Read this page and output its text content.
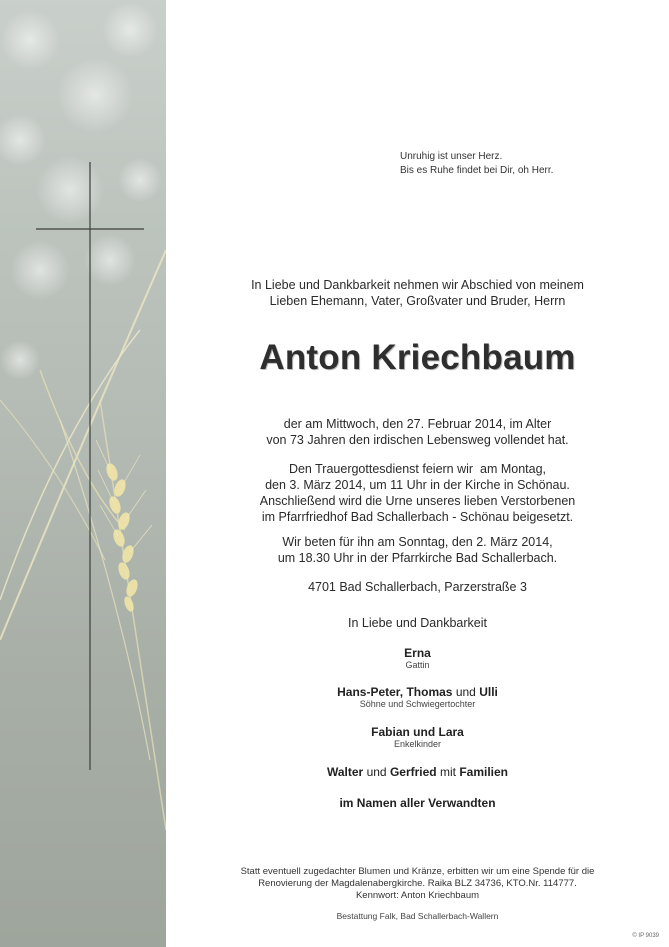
Unruhig ist unser Herz.
Bis es Ruhe findet bei Dir, oh Herr.
In Liebe und Dankbarkeit nehmen wir Abschied von meinem
Lieben Ehemann, Vater, Großvater und Bruder, Herrn
Anton Kriechbaum
der am Mittwoch, den 27. Februar 2014, im Alter
von 73 Jahren den irdischen Lebensweg vollendet hat.
Den Trauergottesdienst feiern wir  am Montag,
den 3. März 2014, um 11 Uhr in der Kirche in Schönau.
Anschließend wird die Urne unseres lieben Verstorbenen
im Pfarrfriedhof Bad Schallerbach - Schönau beigesetzt.
Wir beten für ihn am Sonntag, den 2. März 2014,
um 18.30 Uhr in der Pfarrkirche Bad Schallerbach.
4701 Bad Schallerbach, Parzerstraße 3
In Liebe und Dankbarkeit
Erna
Gattin
Hans-Peter, Thomas und Ulli
Söhne und Schwiegertochter
Fabian und Lara
Enkelkinder
Walter und Gerfried mit Familien
im Namen aller Verwandten
Statt eventuell zugedachter Blumen und Kränze, erbitten wir um eine Spende für die
Renovierung der Magdalenabergkirche. Raika BLZ 34736, KTO.Nr. 114777.
Kennwort: Anton Kriechbaum
Bestattung Falk, Bad Schallerbach-Wallern
© IP 9039
